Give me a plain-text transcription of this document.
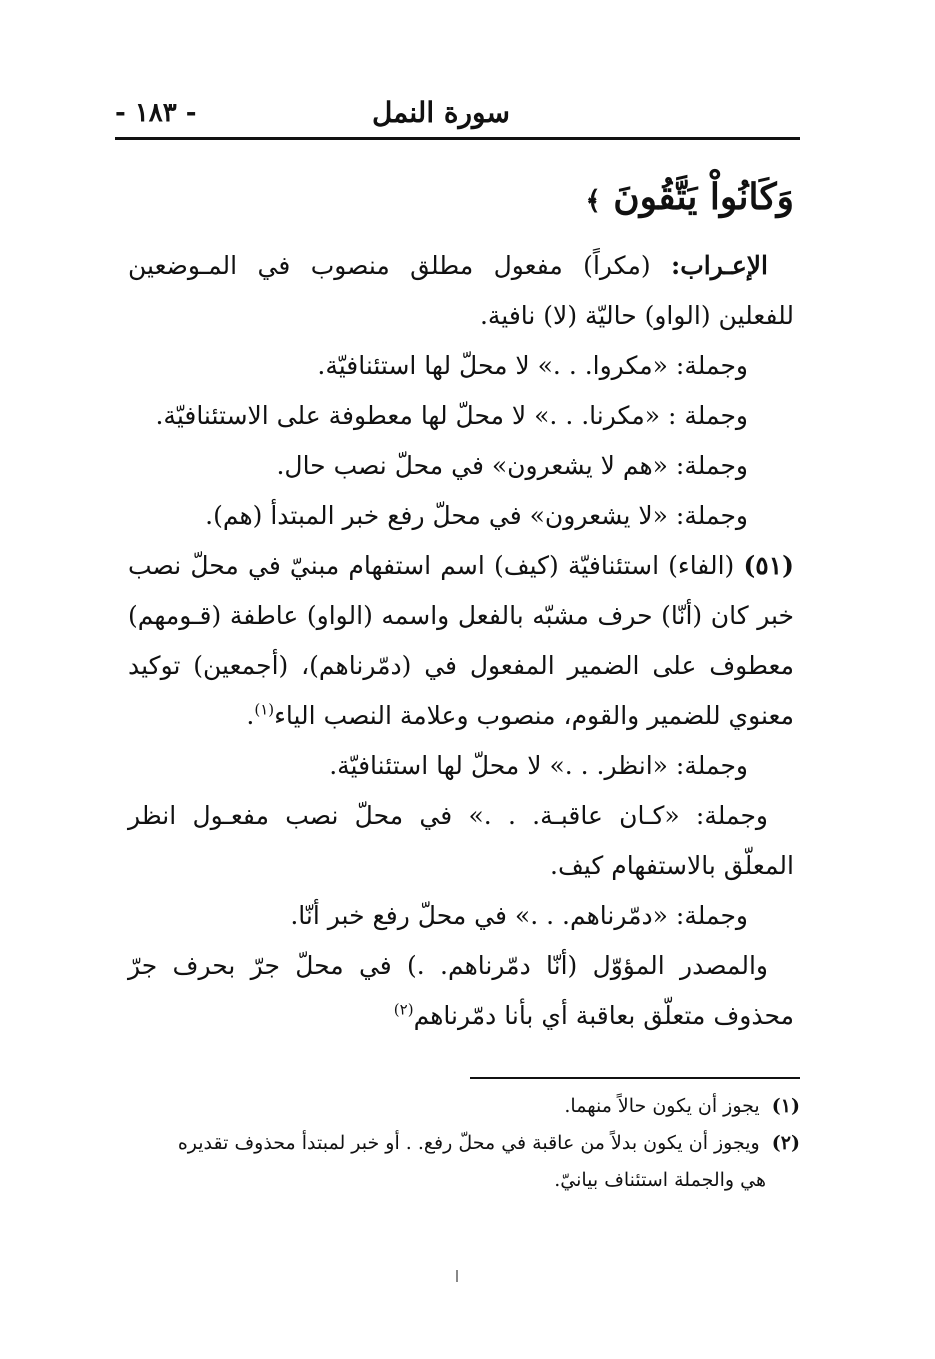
سورة النمل
- ١٨٣ -
وَكَانُواْ يَتَّقُونَ ﴾

الإعـراب: (مكراً) مفعول مطلق منصوب في المـوضعين للفعلين (الواو) حاليّة (لا) نافية.

وجملة: «مكروا. . .» لا محلّ لها استئنافيّة.

وجملة : «مكرنا. . .» لا محلّ لها معطوفة على الاستئنافيّة.

وجملة: «هم لا يشعرون» في محلّ نصب حال.

وجملة: «لا يشعرون» في محلّ رفع خبر المبتدأ (هم).

(٥١) (الفاء) استئنافيّة (كيف) اسم استفهام مبنيّ في محلّ نصب خبر كان (أنّا) حرف مشبّه بالفعل واسمه (الواو) عاطفة (قـومهم) معطوف على الضمير المفعول في (دمّرناهم)، (أجمعين) توكيد معنوي للضمير والقوم، منصوب وعلامة النصب الياء$^{(١)}$.

وجملة: «انظر. . .» لا محلّ لها استئنافيّة.

وجملة: «كـان عاقبـة. . .» في محلّ نصب مفعـول انظر المعلّق بالاستفهام كيف.

وجملة: «دمّرناهم. . .» في محلّ رفع خبر أنّا.

والمصدر المؤوّل (أنّا دمّرناهم. .) في محلّ جرّ بحرف جرّ محذوف متعلّق بعاقبة أي بأنا دمّرناهم$^{(٢)}$

(١) يجوز أن يكون حالاً منهما.

(٢) ويجوز أن يكون بدلاً من عاقبة في محلّ رفع. . أو خبر لمبتدأ محذوف تقديره

هي والجملة استئناف بيانيّ.
